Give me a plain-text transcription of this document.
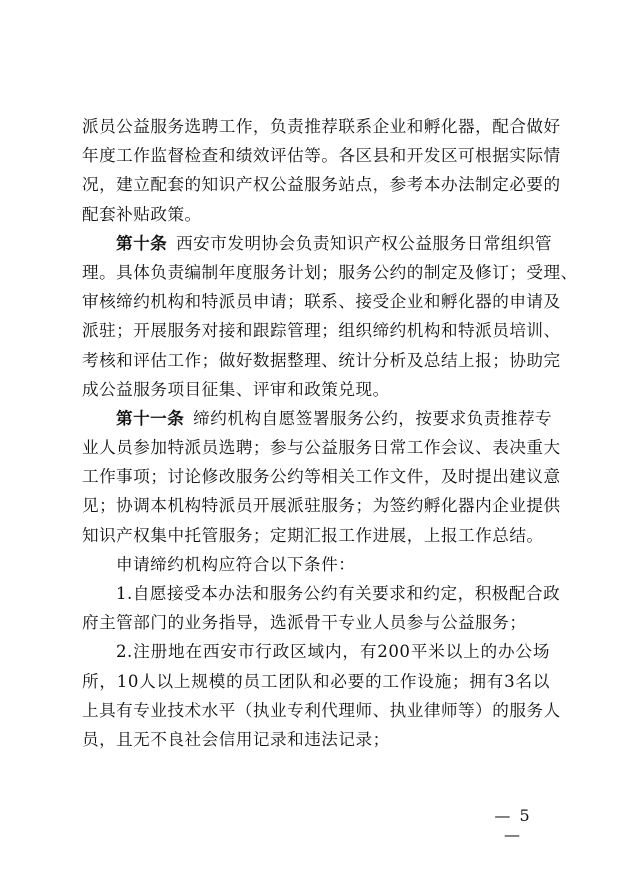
派员公益服务选聘工作，负责推荐联系企业和孵化器，配合做好
年度工作监督检查和绩效评估等。各区县和开发区可根据实际情
况，建立配套的知识产权公益服务站点，参考本办法制定必要的
配套补贴政策。
第十条  西安市发明协会负责知识产权公益服务日常组织管
理。具体负责编制年度服务计划；服务公约的制定及修订；受理、
审核缔约机构和特派员申请；联系、接受企业和孵化器的申请及
派驻；开展服务对接和跟踪管理；组织缔约机构和特派员培训、
考核和评估工作；做好数据整理、统计分析及总结上报；协助完
成公益服务项目征集、评审和政策兑现。
第十一条  缔约机构自愿签署服务公约，按要求负责推荐专
业人员参加特派员选聘；参与公益服务日常工作会议、表决重大
工作事项；讨论修改服务公约等相关工作文件，及时提出建议意
见；协调本机构特派员开展派驻服务；为签约孵化器内企业提供
知识产权集中托管服务；定期汇报工作进展，上报工作总结。
申请缔约机构应符合以下条件：
1.自愿接受本办法和服务公约有关要求和约定，积极配合政
府主管部门的业务指导，选派骨干专业人员参与公益服务；
2.注册地在西安市行政区域内，有200平米以上的办公场
所，10人以上规模的员工团队和必要的工作设施；拥有3名以
上具有专业技术水平（执业专利代理师、执业律师等）的服务人
员，且无不良社会信用记录和违法记录；
— 5 —
